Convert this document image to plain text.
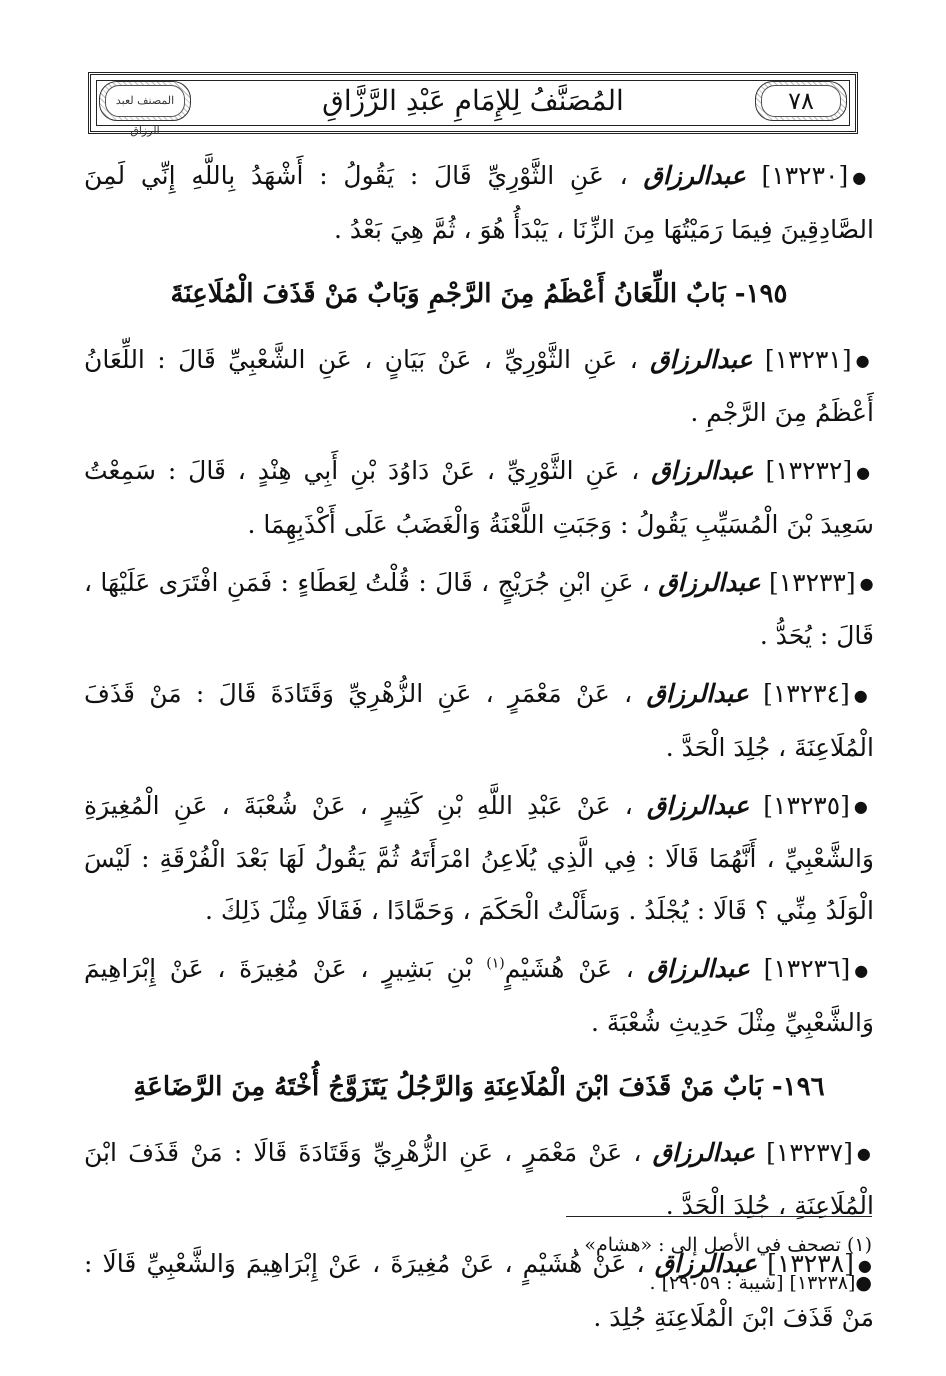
المصنف لعبد الرزاق
٧٨
المُصَنَّفُ لِلإِمَامِ عَبْدِ الرَّزَّاقِ

●[١٣٢٣٠] عبدالرزاق ، عَنِ الثَّوْرِيِّ قَالَ : يَقُولُ : أَشْهَدُ بِاللَّهِ إِنِّي لَمِنَ الصَّادِقِينَ فِيمَا رَمَيْتُهَا مِنَ الزِّنَا ، يَبْدَأُ هُوَ ، ثُمَّ هِيَ بَعْدُ .

١٩٥- بَابٌ اللِّعَانُ أَعْظَمُ مِنَ الرَّجْمِ وَبَابٌ مَنْ قَذَفَ الْمُلَاعِنَةَ

●[١٣٢٣١] عبدالرزاق ، عَنِ الثَّوْرِيِّ ، عَنْ بَيَانٍ ، عَنِ الشَّعْبِيِّ قَالَ : اللِّعَانُ أَعْظَمُ مِنَ الرَّجْمِ .

●[١٣٢٣٢] عبدالرزاق ، عَنِ الثَّوْرِيِّ ، عَنْ دَاوُدَ بْنِ أَبِي هِنْدٍ ، قَالَ : سَمِعْتُ سَعِيدَ بْنَ الْمُسَيِّبِ يَقُولُ : وَجَبَتِ اللَّعْنَةُ وَالْغَضَبُ عَلَى أَكْذَبِهِمَا .

●[١٣٢٣٣] عبدالرزاق ، عَنِ ابْنِ جُرَيْجٍ ، قَالَ : قُلْتُ لِعَطَاءٍ : فَمَنِ افْتَرَى عَلَيْهَا ، قَالَ : يُحَدُّ .

●[١٣٢٣٤] عبدالرزاق ، عَنْ مَعْمَرٍ ، عَنِ الزُّهْرِيِّ وَقَتَادَةَ قَالَ : مَنْ قَذَفَ الْمُلَاعِنَةَ ، جُلِدَ الْحَدَّ .

●[١٣٢٣٥] عبدالرزاق ، عَنْ عَبْدِ اللَّهِ بْنِ كَثِيرٍ ، عَنْ شُعْبَةَ ، عَنِ الْمُغِيرَةِ وَالشَّعْبِيِّ ، أَنَّهُمَا قَالَا : فِي الَّذِي يُلَاعِنُ امْرَأَتَهُ ثُمَّ يَقُولُ لَهَا بَعْدَ الْفُرْقَةِ : لَيْسَ الْوَلَدُ مِنِّي ؟ قَالَا : يُجْلَدُ . وَسَأَلْتُ الْحَكَمَ ، وَحَمَّادًا ، فَقَالَا مِثْلَ ذَلِكَ .

●[١٣٢٣٦] عبدالرزاق ، عَنْ هُشَيْمٍ$^{(١)}$ بْنِ بَشِيرٍ ، عَنْ مُغِيرَةَ ، عَنْ إِبْرَاهِيمَ وَالشَّعْبِيِّ مِثْلَ حَدِيثِ شُعْبَةَ .

١٩٦- بَابٌ مَنْ قَذَفَ ابْنَ الْمُلَاعِنَةِ وَالرَّجُلُ يَتَزَوَّجُ أُخْتَهُ مِنَ الرَّضَاعَةِ

●[١٣٢٣٧] عبدالرزاق ، عَنْ مَعْمَرٍ ، عَنِ الزُّهْرِيِّ وَقَتَادَةَ قَالَا : مَنْ قَذَفَ ابْنَ الْمُلَاعِنَةِ ، جُلِدَ الْحَدَّ .

●[١٣٢٣٨] عبدالرزاق ، عَنْ هُشَيْمٍ ، عَنْ مُغِيرَةَ ، عَنْ إِبْرَاهِيمَ وَالشَّعْبِيِّ قَالَا : مَنْ قَذَفَ ابْنَ الْمُلَاعِنَةِ جُلِدَ .

(١) تصحف في الأصل إلى : «هشام» .
●[١٣٢٣٨] [شيبة : ٢٩٠٥٩] .
